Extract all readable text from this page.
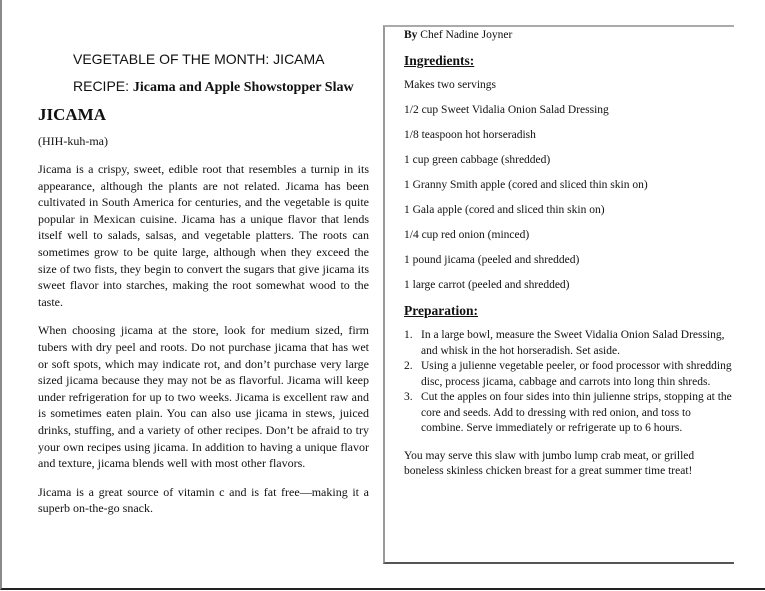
VEGETABLE OF THE MONTH: JICAMA
RECIPE: Jicama and Apple Showstopper Slaw
JICAMA
(HIH-kuh-ma)

Jicama is a crispy, sweet, edible root that resembles a turnip in its appearance, although the plants are not related. Jicama has been cultivated in South America for centuries, and the vegetable is quite popular in Mexican cuisine. Jicama has a unique flavor that lends itself well to salads, salsas, and vegetable platters. The roots can sometimes grow to be quite large, although when they exceed the size of two fists, they begin to convert the sugars that give jicama its sweet flavor into starches, making the root somewhat wood to the taste.

When choosing jicama at the store, look for medium sized, firm tubers with dry peel and roots. Do not purchase jicama that has wet or soft spots, which may indicate rot, and don’t purchase very large sized jicama because they may not be as flavorful. Jicama will keep under refrigeration for up to two weeks. Jicama is excellent raw and is sometimes eaten plain. You can also use jicama in stews, juiced drinks, stuffing, and a variety of other recipes. Don’t be afraid to try your own recipes using jicama. In addition to having a unique flavor and texture, jicama blends well with most other flavors.

Jicama is a great source of vitamin c and is fat free—making it a superb on-the-go snack.

By Chef Nadine Joyner
Ingredients:
Makes two servings
1/2 cup Sweet Vidalia Onion Salad Dressing
1/8 teaspoon hot horseradish
1 cup green cabbage (shredded)
1 Granny Smith apple (cored and sliced thin skin on)
1 Gala apple (cored and sliced thin skin on)
1/4 cup red onion (minced)
1 pound jicama (peeled and shredded)
1 large carrot (peeled and shredded)
Preparation:
1. In a large bowl, measure the Sweet Vidalia Onion Salad Dressing, and whisk in the hot horseradish. Set aside.
2. Using a julienne vegetable peeler, or food processor with shredding disc, process jicama, cabbage and carrots into long thin shreds.
3. Cut the apples on four sides into thin julienne strips, stopping at the core and seeds. Add to dressing with red onion, and toss to combine. Serve immediately or refrigerate up to 6 hours.

You may serve this slaw with jumbo lump crab meat, or grilled boneless skinless chicken breast for a great summer time treat!
